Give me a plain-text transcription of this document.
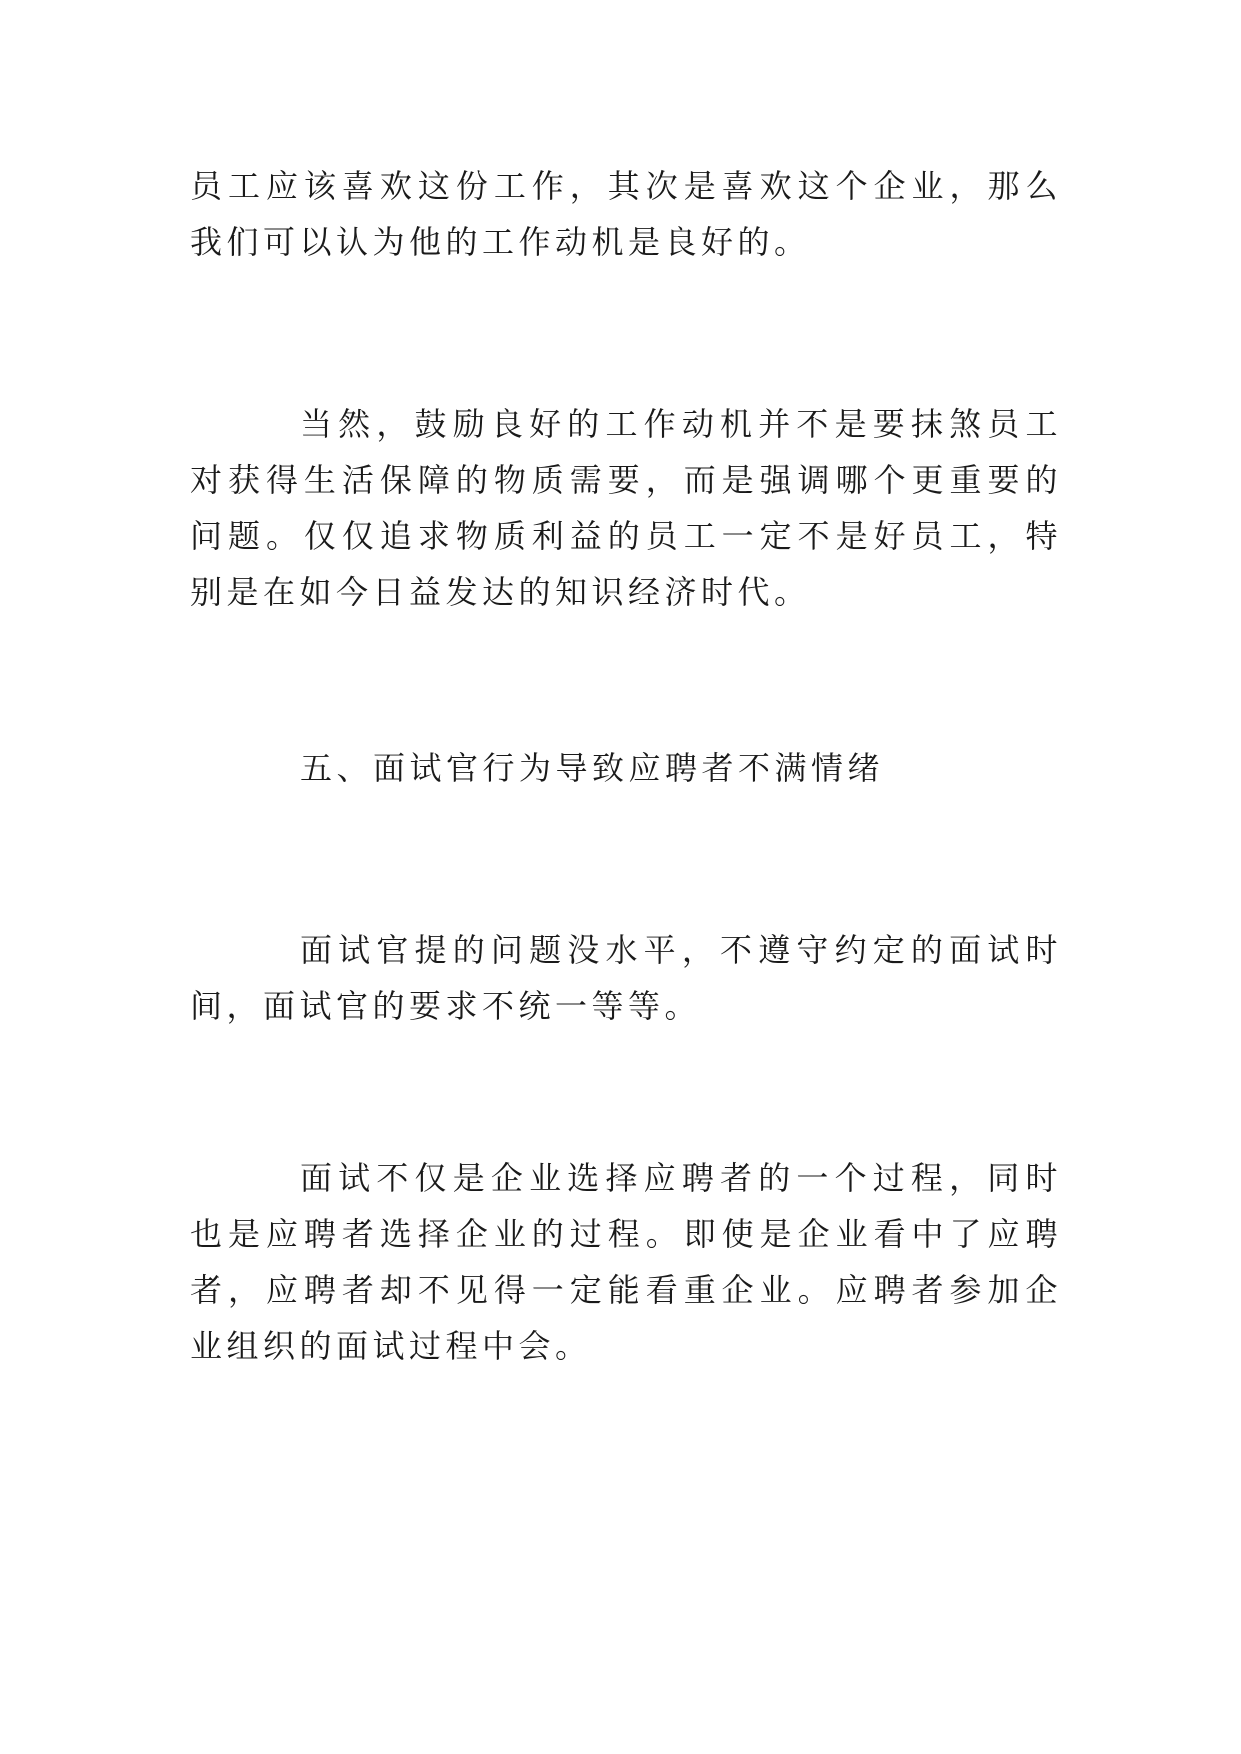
员工应该喜欢这份工作，其次是喜欢这个企业，那么我们可以认为他的工作动机是良好的。

当然，鼓励良好的工作动机并不是要抹煞员工对获得生活保障的物质需要，而是强调哪个更重要的问题。仅仅追求物质利益的员工一定不是好员工，特别是在如今日益发达的知识经济时代。

五、面试官行为导致应聘者不满情绪

面试官提的问题没水平，不遵守约定的面试时间，面试官的要求不统一等等。

面试不仅是企业选择应聘者的一个过程，同时也是应聘者选择企业的过程。即使是企业看中了应聘者，应聘者却不见得一定能看重企业。应聘者参加企业组织的面试过程中会。
